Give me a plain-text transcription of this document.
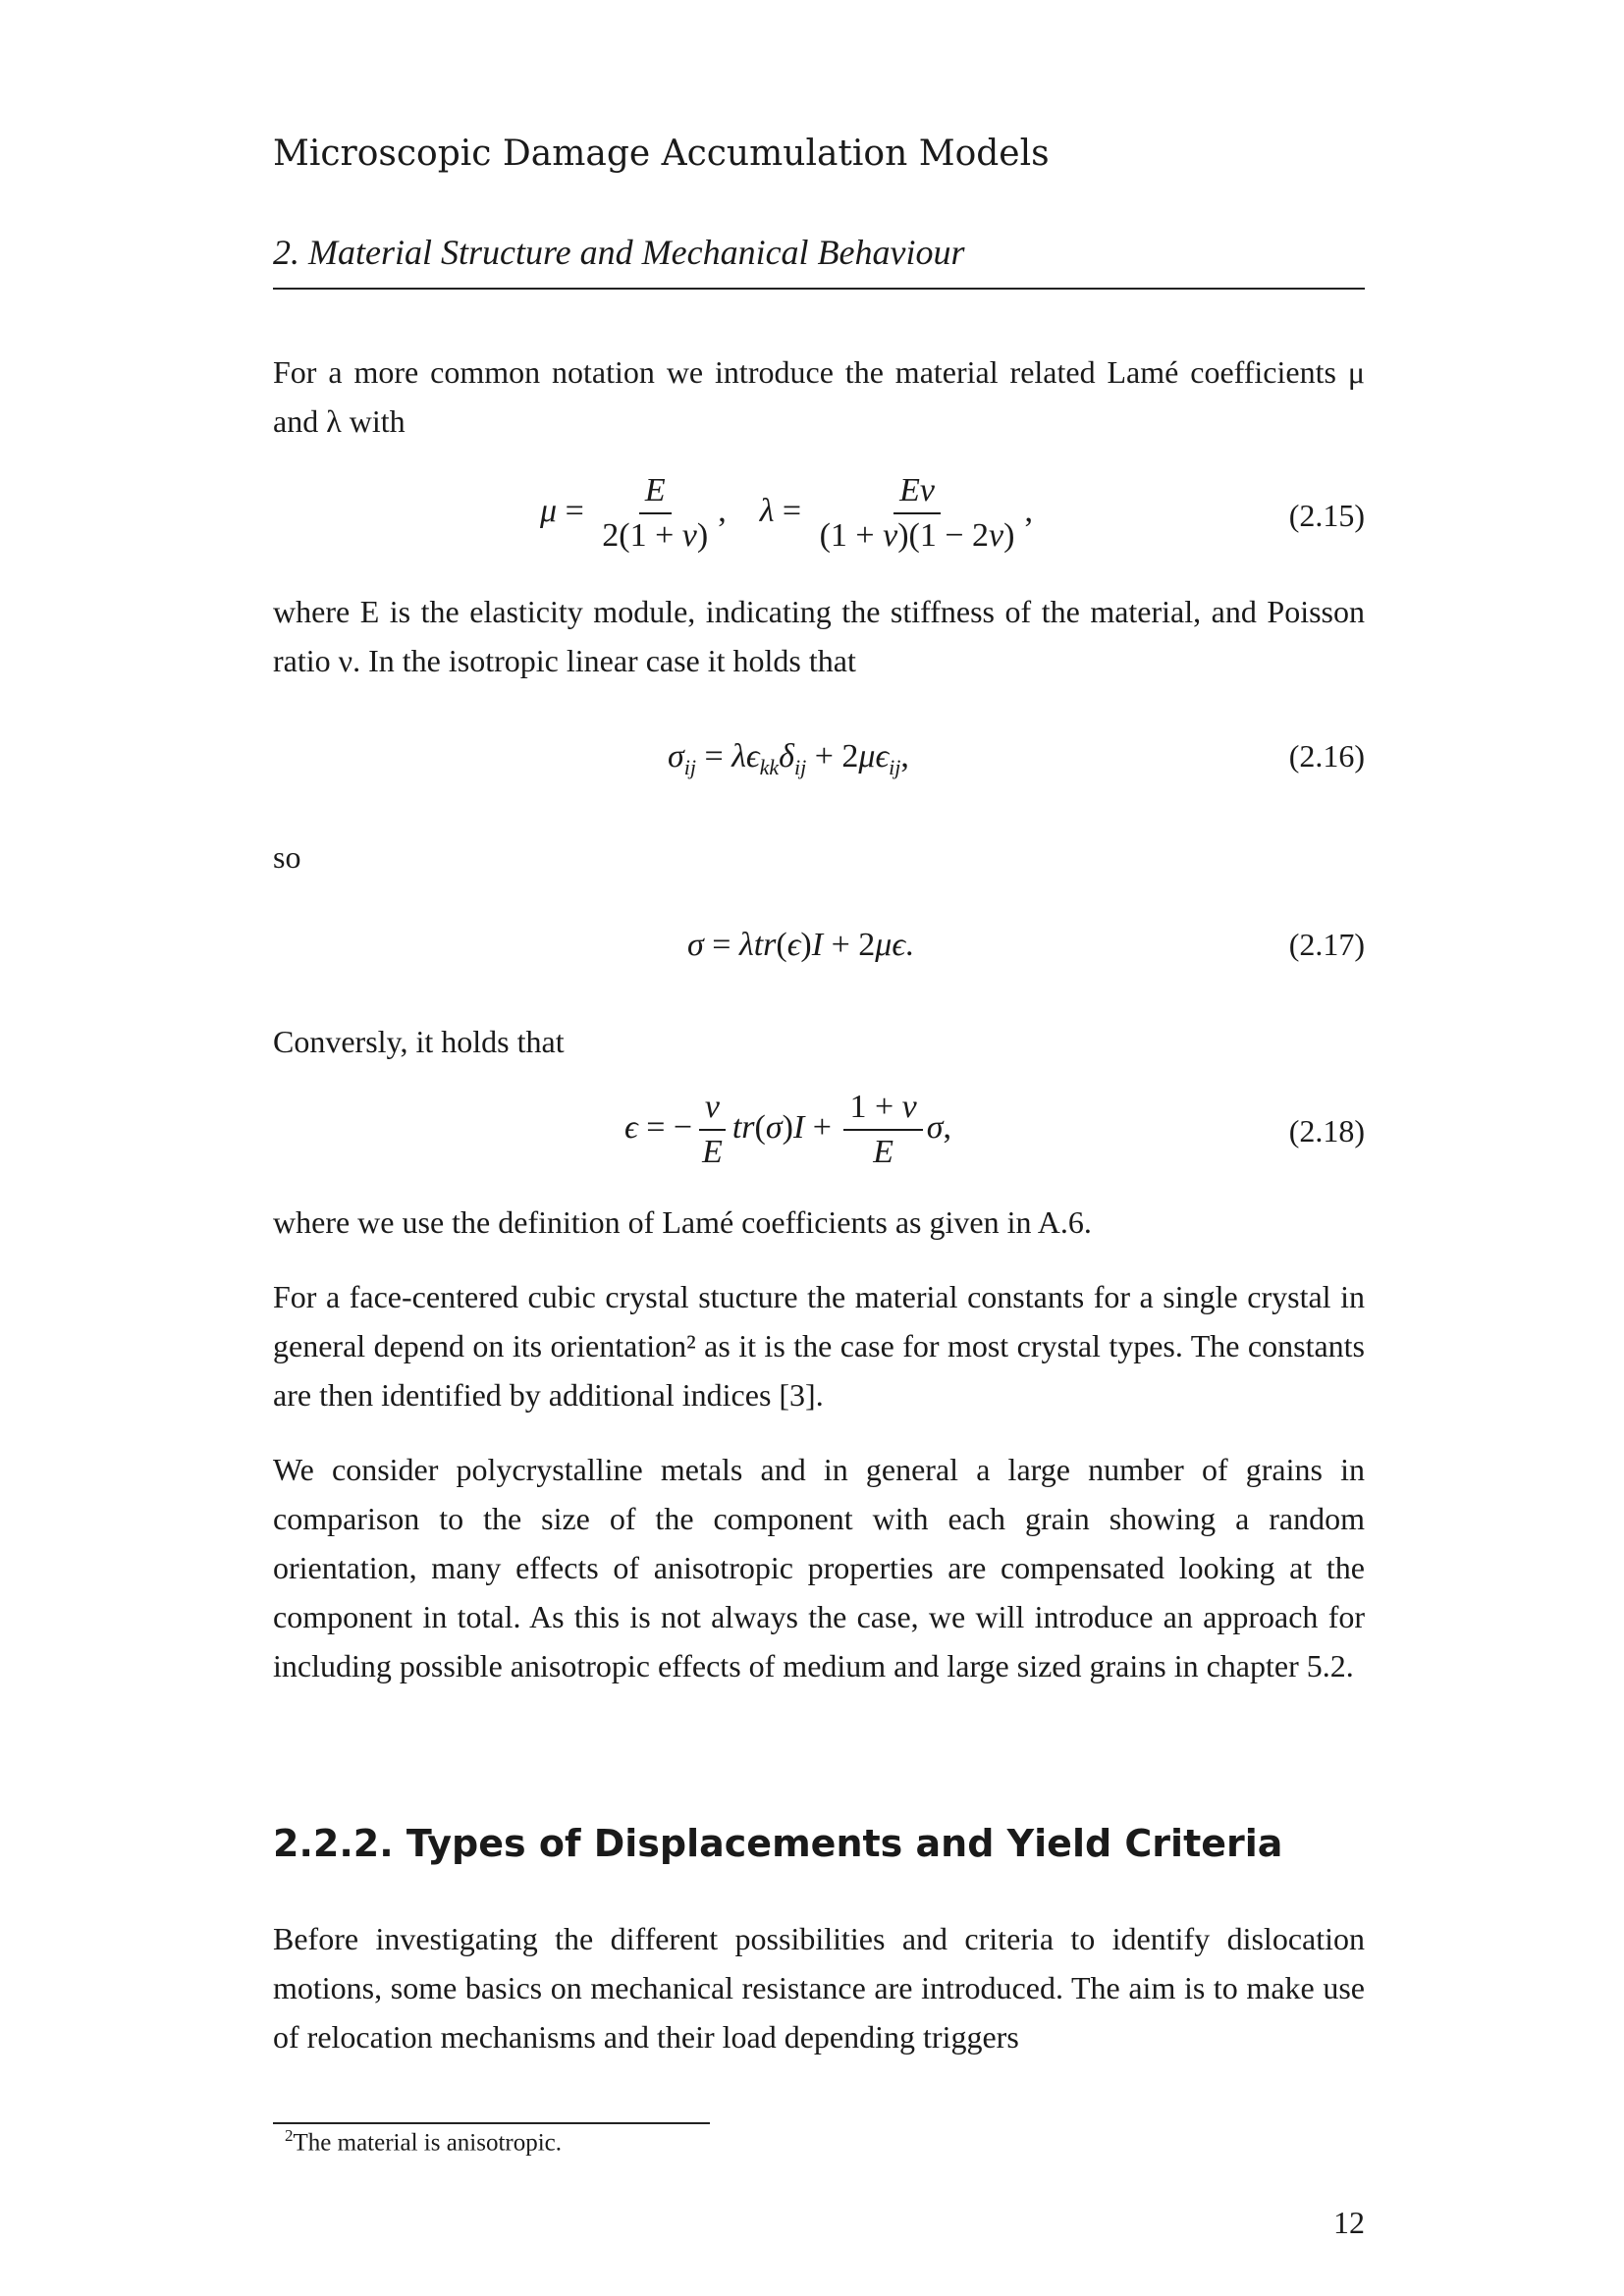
Microscopic Damage Accumulation Models
2. Material Structure and Mechanical Behaviour
For a more common notation we introduce the material related Lamé coefficients μ and λ with
$\mu = \frac{E}{2(1 + \nu)}$ ,    $\lambda = \frac{E\nu}{(1 + \nu)(1 - 2\nu)}$ ,	(2.15)
where E is the elasticity module, indicating the stiffness of the material, and Poisson ratio ν. In the isotropic linear case it holds that
$\sigma_{ij} = \lambda\epsilon_{kk}\delta_{ij} + 2\mu\epsilon_{ij}$,	(2.16)
so
σ = λtr(ϵ)I + 2μϵ.	(2.17)
Conversly, it holds that
ϵ = − $\frac{\nu}{E} tr(\sigma)I + \frac{1 + \nu}{E} \sigma$,	(2.18)
where we use the definition of Lamé coefficients as given in A.6.
For a face-centered cubic crystal stucture the material constants for a single crystal in general depend on its orientation² as it is the case for most crystal types. The constants are then identified by additional indices [3].
We consider polycrystalline metals and in general a large number of grains in comparison to the size of the component with each grain showing a random orientation, many effects of anisotropic properties are compensated looking at the component in total. As this is not always the case, we will introduce an approach for including possible anisotropic effects of medium and large sized grains in chapter 5.2.
2.2.2. Types of Displacements and Yield Criteria
Before investigating the different possibilities and criteria to identify dislocation motions, some basics on mechanical resistance are introduced. The aim is to make use of relocation mechanisms and their load depending triggers
$^2$The material is anisotropic.
12
